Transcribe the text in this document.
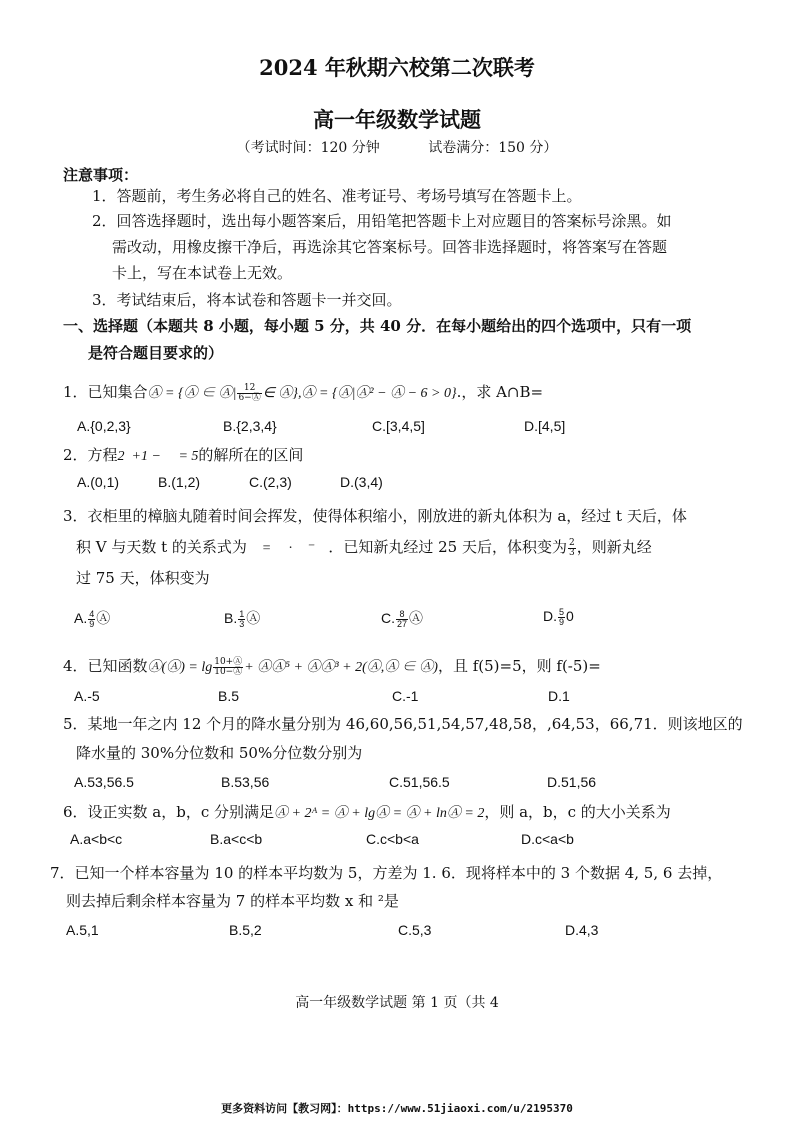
2024 年秋期六校第二次联考
高一年级数学试题
（考试时间：120 分钟	试卷满分：150 分）
注意事项：
1．答题前，考生务必将自己的姓名、准考证号、考场号填写在答题卡上。
2．回答选择题时，选出每小题答案后，用铅笔把答题卡上对应题目的答案标号涂黑。如
需改动，用橡皮擦干净后，再选涂其它答案标号。回答非选择题时，将答案写在答题
卡上，写在本试卷上无效。
3．考试结束后，将本试卷和答题卡一并交回。
一、选择题（本题共 8 小题，每小题 5 分，共 40 分．在每小题给出的四个选项中，只有一项
是符合题目要求的）
1．已知集合Ⓐ = {Ⓐ ∈ Ⓐ| $\frac{12}{6-Ⓐ}$ ∈ Ⓐ},Ⓐ = {Ⓐ|Ⓐ² − Ⓐ − 6 > 0}.，求 A∩B=
A.{0,2,3}	B.{2,3,4}	C.[3,4,5]	D.[4,5]
2．方程2  +1 −     = 5的解所在的区间
A.(0,1)	B.(1,2)	C.(2,3)	D.(3,4)
3．衣柜里的樟脑丸随着时间会挥发，使得体积缩小，刚放进的新丸体积为 a，经过 t 天后，体
积 V 与天数 t 的关系式为 =     ·    ⁻ ．已知新丸经过 25 天后，体积变为 $\frac{2}{3}$ ，则新丸经
过 75 天，体积变为
A. $\frac{4}{9}$ Ⓐ	B. $\frac{1}{3}$ Ⓐ	C. $\frac{8}{27}$ Ⓐ	D. $\frac{5}{9} 0$
4．已知函数Ⓐ(Ⓐ) = $\lg \frac{10+Ⓐ}{10-Ⓐ}$ + ⒶⒶ⁵ + ⒶⒶ³ + 2(Ⓐ,Ⓐ ∈ Ⓐ)，且 f(5)=5，则 f(-5)=
A.-5	B.5	C.-1	D.1
5．某地一年之内 12 个月的降水量分别为 46,60,56,51,54,57,48,58，,64,53，66,71．则该地区的
降水量的 30%分位数和 50%分位数分别为
A.53,56.5	B.53,56	C.51,56.5	D.51,56
6．设正实数 a，b，c 分别满足Ⓐ + 2ᴬ = Ⓐ + lgⒶ = Ⓐ + lnⒶ = 2，则 a，b，c 的大小关系为
A.a<b<c	B.a<c<b	C.c<b<a	D.c<a<b
7．已知一个样本容量为 10 的样本平均数为 5，方差为 1. 6．现将样本中的 3 个数据 4, 5, 6 去掉，
则去掉后剩余样本容量为 7 的样本平均数 x 和 ²是
A.5,1	B.5,2	C.5,3	D.4,3
高一年级数学试题 第 1 页（共 4
更多资料访问【教习网】：https://www.51jiaoxi.com/u/2195370
